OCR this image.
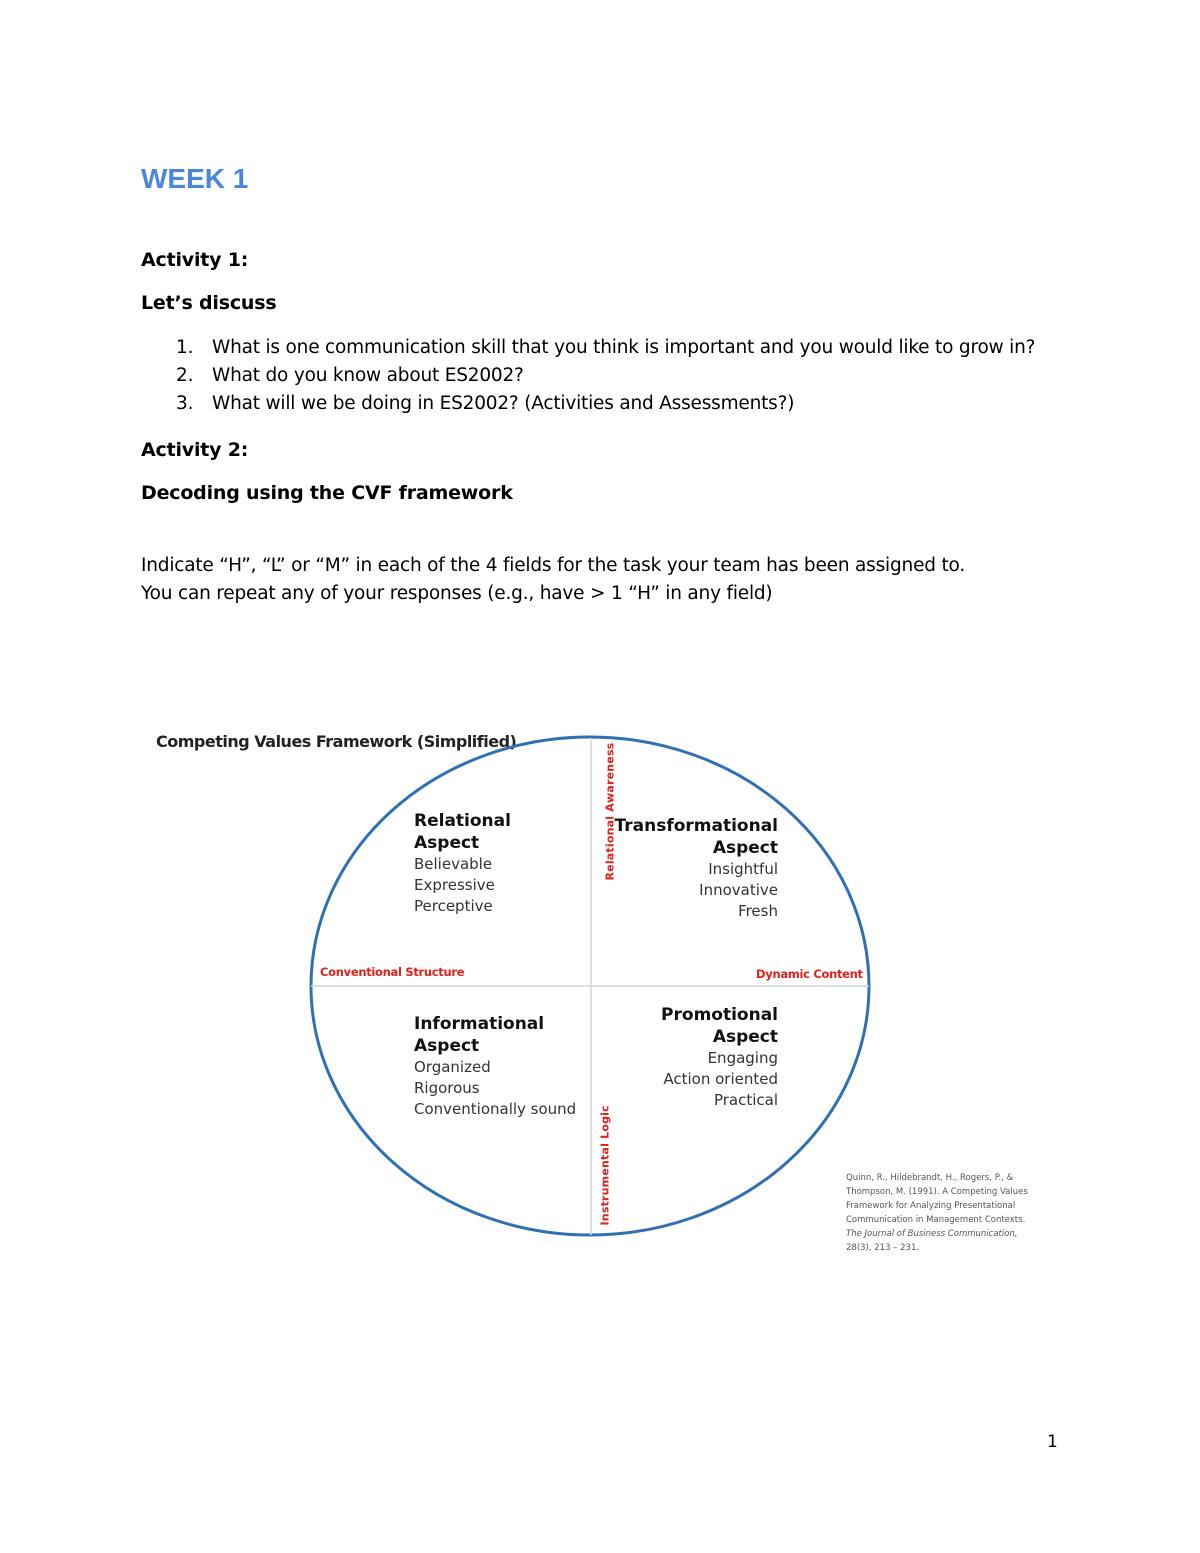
WEEK 1
Activity 1:
Let’s discuss
1. What is one communication skill that you think is important and you would like to grow in?
2. What do you know about ES2002?
3. What will we be doing in ES2002? (Activities and Assessments?)
Activity 2:
Decoding using the CVF framework
Indicate “H”, “L” or “M” in each of the 4 fields for the task your team has been assigned to.
You can repeat any of your responses (e.g., have > 1 “H” in any field)
Competing Values Framework (Simplified)
Conventional Structure	Dynamic Content
Relational Awareness
Instrumental Logic
Relational
Aspect
Believable
Expressive
Perceptive
Transformational
Aspect
Insightful
Innovative
Fresh
Informational
Aspect
Organized
Rigorous
Conventionally sound
Promotional
Aspect
Engaging
Action oriented
Practical
Quinn, R., Hildebrandt, H., Rogers, P., &
Thompson, M. (1991). A Competing Values
Framework for Analyzing Presentational
Communication in Management Contexts.
The Journal of Business Communication,
28(3), 213 – 231.
1
